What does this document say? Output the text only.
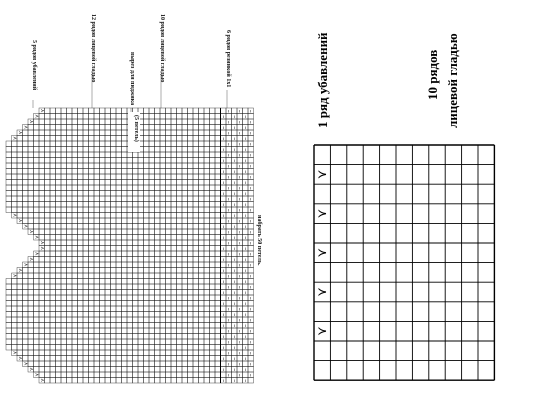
⋏
⋏
⋏
⋏
⋏
⋏
⋏
⋏
⋏
⋏
⋏
⋏
⋏
⋏
⋏
⋏
⋏
⋏
⋏
⋏
⋏
⋏
⋏
⋏
ı ı ı
ı ı ı
ı ı ı
ı ı ı
ı ı ı
ı ı ı
ı ı ı
ı ı ı
ı ı ı
ı ı ı
ı ı ı
ı ı ı
ı ı ı
ı ı ı
ı ı ı
ı ı ı
ı ı ı
ı ı ı
ı ı ı
ı ı ı
ı ı ı
ı ı ı
ı ı ı
ı ı ı
ı ı ı
ı ı ı
ı ı ı
ı ı ı
ı ı ı
ı ı ı
ı ı ı
ı ı ı
ı ı ı
ı ı ı
ı ı ı
ı ı ı
ı ı ı
ı ı ı
ı ı ı
ı ı ı
ı ı ı
ı ı ı
ı ı ı
ı ı ı
ı ı ı
ı ı ı
ı ı ı
ı ı ı
ı ı ı
ı ı ı
5 рядов убавлений	12 рядов лицевой гладью	вырез для пиджика	10 рядов лицевой гладью	6 рядов резинкой 1х1
(5 петель)
набрать 50 петель.
⋏
⋏
⋏
⋏
⋏
1 ряд убавлений	10 рядов лицевой гладью
